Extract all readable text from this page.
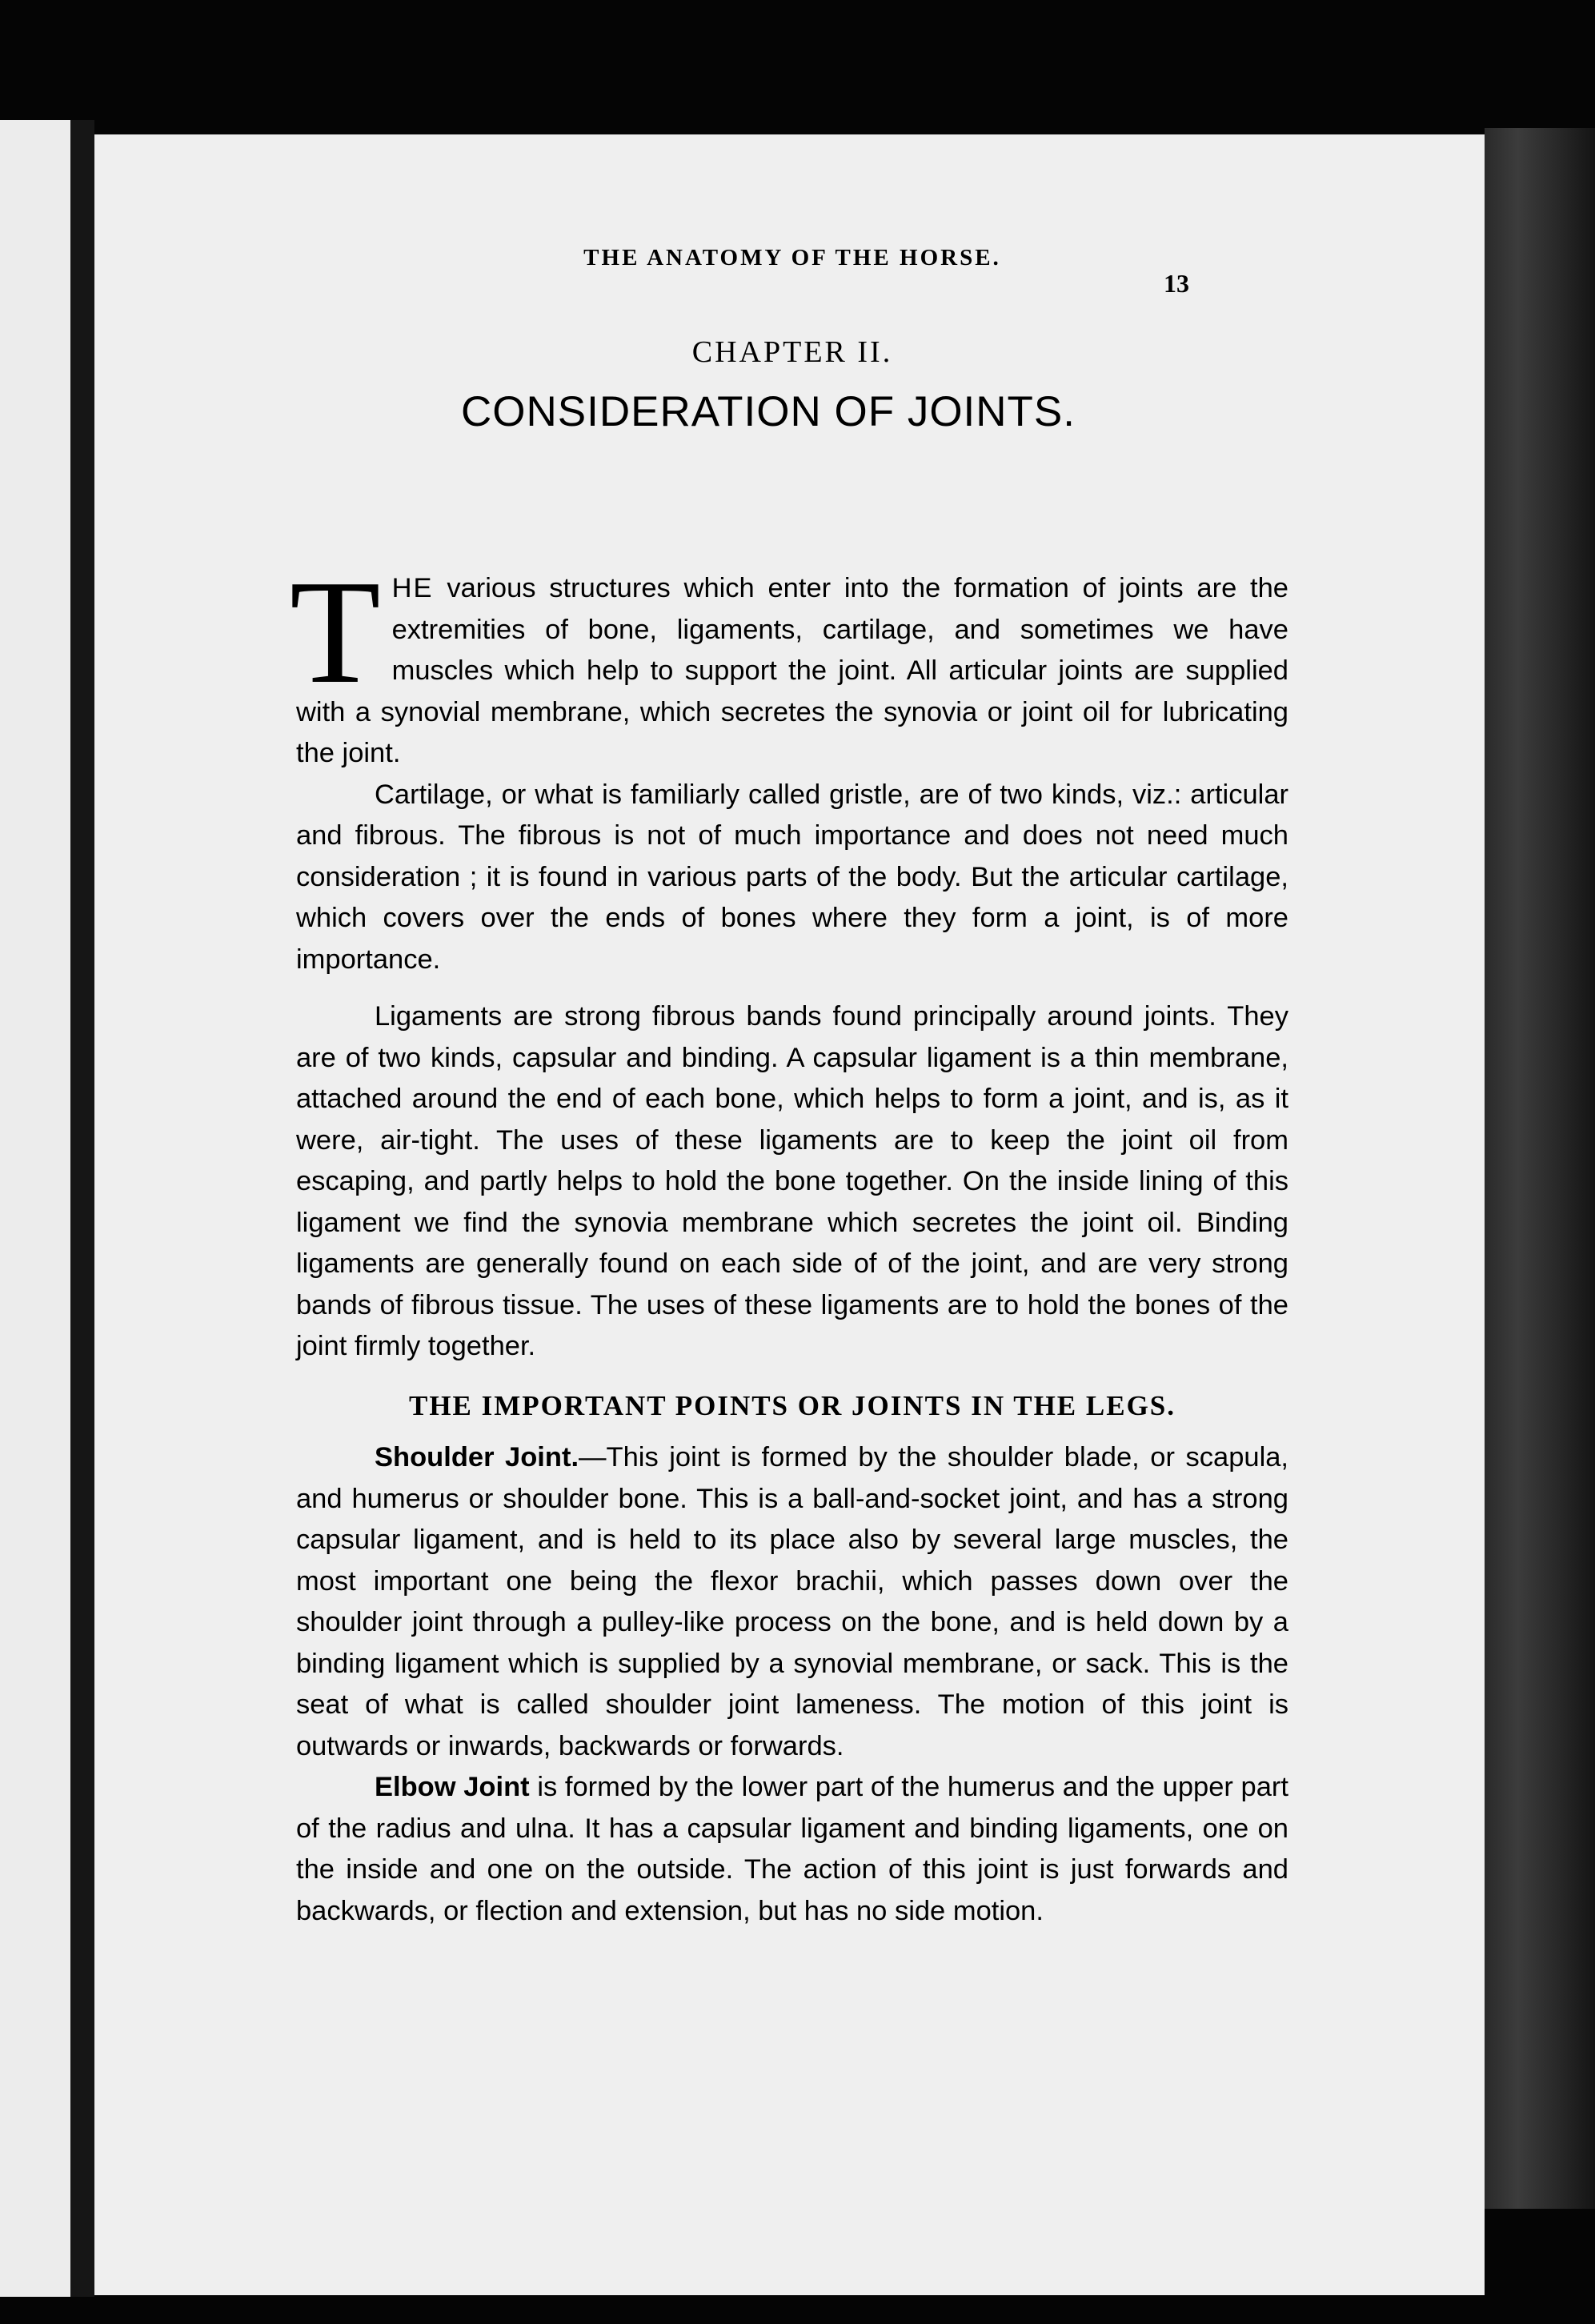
THE ANATOMY OF THE HORSE.
13
CHAPTER II.
CONSIDERATION OF JOINTS.

THE various structures which enter into the formation of joints are the extremities of bone, ligaments, cartilage, and sometimes we have muscles which help to support the joint. All articular joints are supplied with a synovial membrane, which secretes the synovia or joint oil for lubricating the joint.

Cartilage, or what is familiarly called gristle, are of two kinds, viz.: articular and fibrous. The fibrous is not of much importance and does not need much consideration ; it is found in various parts of the body. But the articular cartilage, which covers over the ends of bones where they form a joint, is of more importance.

Ligaments are strong fibrous bands found principally around joints. They are of two kinds, capsular and binding. A capsular ligament is a thin membrane, attached around the end of each bone, which helps to form a joint, and is, as it were, air-tight. The uses of these ligaments are to keep the joint oil from escaping, and partly helps to hold the bone together. On the inside lining of this ligament we find the synovia membrane which secretes the joint oil. Binding ligaments are generally found on each side of of the joint, and are very strong bands of fibrous tissue. The uses of these ligaments are to hold the bones of the joint firmly together.

THE IMPORTANT POINTS OR JOINTS IN THE LEGS.

Shoulder Joint.—This joint is formed by the shoulder blade, or scapula, and humerus or shoulder bone. This is a ball-and-socket joint, and has a strong capsular ligament, and is held to its place also by several large muscles, the most important one being the flexor brachii, which passes down over the shoulder joint through a pulley-like process on the bone, and is held down by a binding ligament which is supplied by a synovial membrane, or sack. This is the seat of what is called shoulder joint lameness. The motion of this joint is outwards or inwards, backwards or forwards.

Elbow Joint is formed by the lower part of the humerus and the upper part of the radius and ulna. It has a capsular ligament and binding ligaments, one on the inside and one on the outside. The action of this joint is just forwards and backwards, or flection and extension, but has no side motion.
